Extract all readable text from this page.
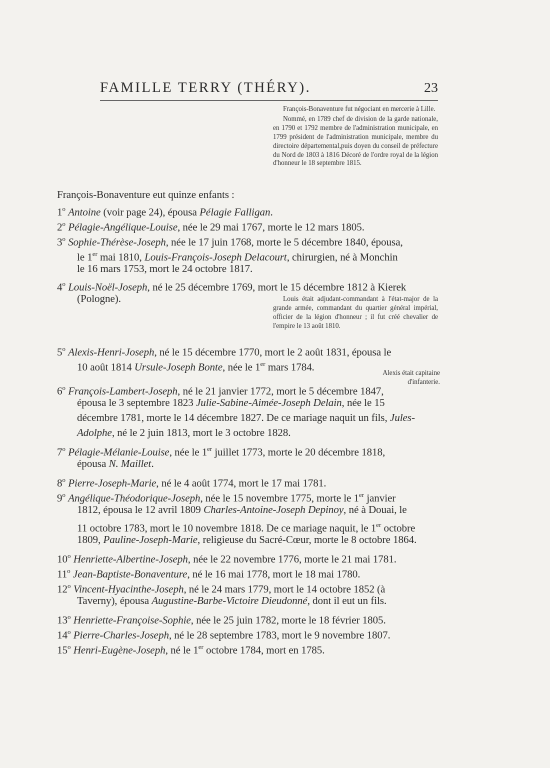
FAMILLE TERRY (THÉRY).	23

François-Bonaventure fut négociant en mercerie à Lille.

Nommé, en 1789 chef de division de la garde nationale, en 1790 et 1792 membre de l'administration municipale, en 1799 président de l'administration municipale, membre du directoire départemental,puis doyen du conseil de préfecture du Nord de 1803 à 1816 Décoré de l'ordre royal de la légion d'honneur le 18 septembre 1815.

François-Bonaventure eut quinze enfants :
1$^o$ Antoine (voir page 24), épousa Pélagie Falligan.
2$^o$ Pélagie-Angélique-Louise, née le 29 mai 1767, morte le 12 mars 1805.
3$^o$ Sophie-Thérèse-Joseph, née le 17 juin 1768, morte le 5 décembre 1840, épousa,
le 1er mai 1810, Louis-François-Joseph Delacourt, chirurgien, né à Monchin
le 16 mars 1753, mort le 24 octobre 1817.
4$^o$ Louis-Noël-Joseph, né le 25 décembre 1769, mort le 15 décembre 1812 à Kierek
(Pologne).	Louis était adjudant-commandant à l'état-major de la grande armée, commandant du quartier général impérial, officier de la légion d'honneur ; il fut créé chevalier de l'empire le 13 août 1810.

5$^o$ Alexis-Henri-Joseph, né le 15 décembre 1770, mort le 2 août 1831, épousa le
10 août 1814 Ursule-Joseph Bonte, née le 1er mars 1784.	Alexis était capitaine d'infanterie.
6$^o$ François-Lambert-Joseph, né le 21 janvier 1772, mort le 5 décembre 1847,
épousa le 3 septembre 1823 Julie-Sabine-Aimée-Joseph Delain, née le 15
décembre 1781, morte le 14 décembre 1827. De ce mariage naquit un fils, Jules-
Adolphe, né le 2 juin 1813, mort le 3 octobre 1828.
7$^o$ Pélagie-Mélanie-Louise, née le 1er juillet 1773, morte le 20 décembre 1818,
épousa N. Maillet.
8$^o$ Pierre-Joseph-Marie, né le 4 août 1774, mort le 17 mai 1781.
9$^o$ Angélique-Théodorique-Joseph, née le 15 novembre 1775, morte le 1er janvier
1812, épousa le 12 avril 1809 Charles-Antoine-Joseph Depinoy, né à Douai, le
11 octobre 1783, mort le 10 novembre 1818. De ce mariage naquit, le 1er octobre
1809, Pauline-Joseph-Marie, religieuse du Sacré-Cœur, morte le 8 octobre 1864.
10$^o$ Henriette-Albertine-Joseph, née le 22 novembre 1776, morte le 21 mai 1781.
11$^o$ Jean-Baptiste-Bonaventure, né le 16 mai 1778, mort le 18 mai 1780.
12$^o$ Vincent-Hyacinthe-Joseph, né le 24 mars 1779, mort le 14 octobre 1852 (à
Taverny), épousa Augustine-Barbe-Victoire Dieudonné, dont il eut un fils.
13$^o$ Henriette-Françoise-Sophie, née le 25 juin 1782, morte le 18 février 1805.
14$^o$ Pierre-Charles-Joseph, né le 28 septembre 1783, mort le 9 novembre 1807.
15$^o$ Henri-Eugène-Joseph, né le 1er octobre 1784, mort en 1785.
